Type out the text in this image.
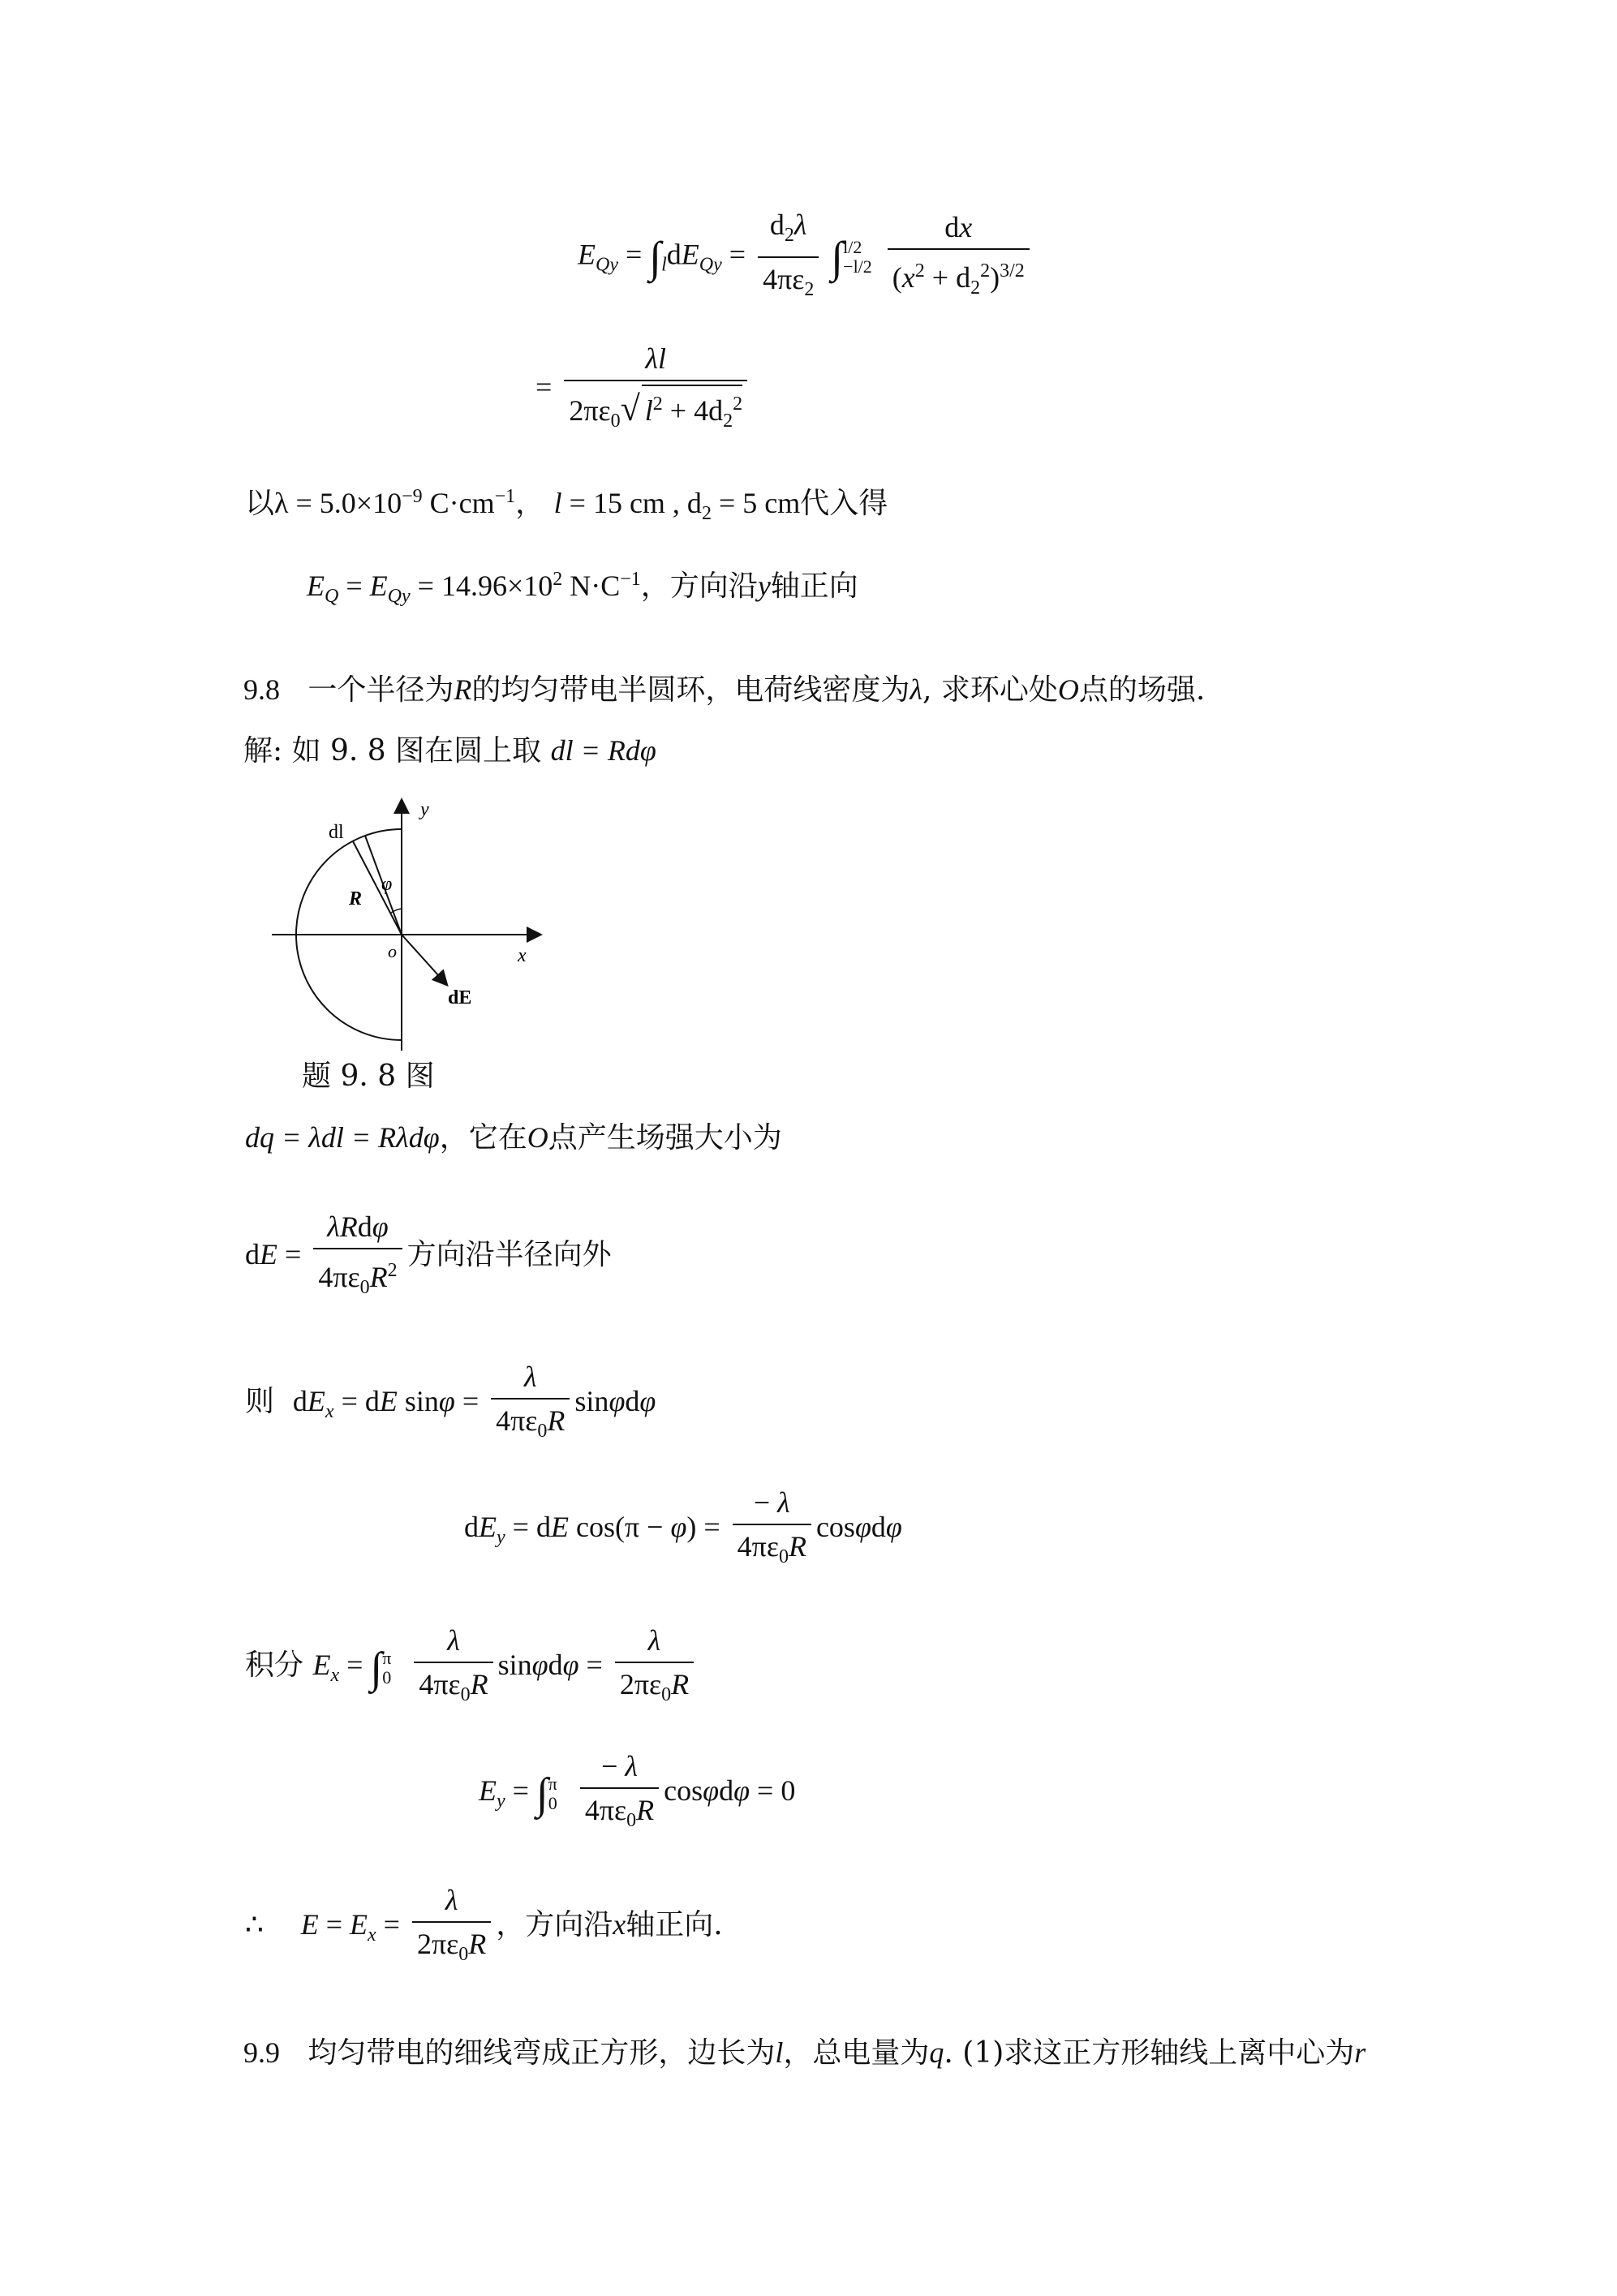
$E_{Qy} = \int_ldE_{Qy} = \frac{d_2\lambda}{4\pi\varepsilon_2}$ ∫ l/2
−l/2
$\frac{dx}{(x^2 + d_2^2)^{3/2}}$
= $\frac{\lambda l}{2\pi\varepsilon_0√ l^2 + 4d_2^2}$
以$\lambda = 5.0\times 10^{-9}$ $C\cdot cm^{-1}$， l = 15 cm , $d_2 = 5$ cm代入得
$E_Q = E_{Qy} = 14.96\times 10^2$ $N\cdot C^{-1}$，方向沿y轴正向
9.8 一个半径为R的均匀带电半圆环，电荷线密度为λ, 求环心处O点的场强.
解: 如 9. 8 图在圆上取 dl = Rdφ
y
x
o
dl
R
φ
dE
题 9. 8 图
dq = λdl = Rλdφ，它在O点产生场强大小为
dE = $\frac{\text{λRdφ}}{4\pi\varepsilon_0R^2}$ 方向沿半径向外
则 $dE_x$ = dE $\sin\varphi = \frac{\lambda}{4\pi\varepsilon_0R}$ sinφdφ
$dE_y$ = dE $\cos(\pi - \varphi) = \frac{- \lambda}{4\pi\varepsilon_0R}$ cosφdφ
积分 $E_x$ = ∫ π
0
$\frac{\lambda}{4\pi\varepsilon_0R}$ $\sin\varphi d\varphi = \frac{\lambda}{2\pi\varepsilon_0R}$
$E_y$ = ∫ π
0
$\frac{- \lambda}{4\pi\varepsilon_0R}$ cosφdφ = 0
∴ $E = E_x = \frac{\lambda}{2\pi\varepsilon_0R}$ ，方向沿x轴正向.
9.9 均匀带电的细线弯成正方形，边长为l，总电量为q. (1)求这正方形轴线上离中心为r
